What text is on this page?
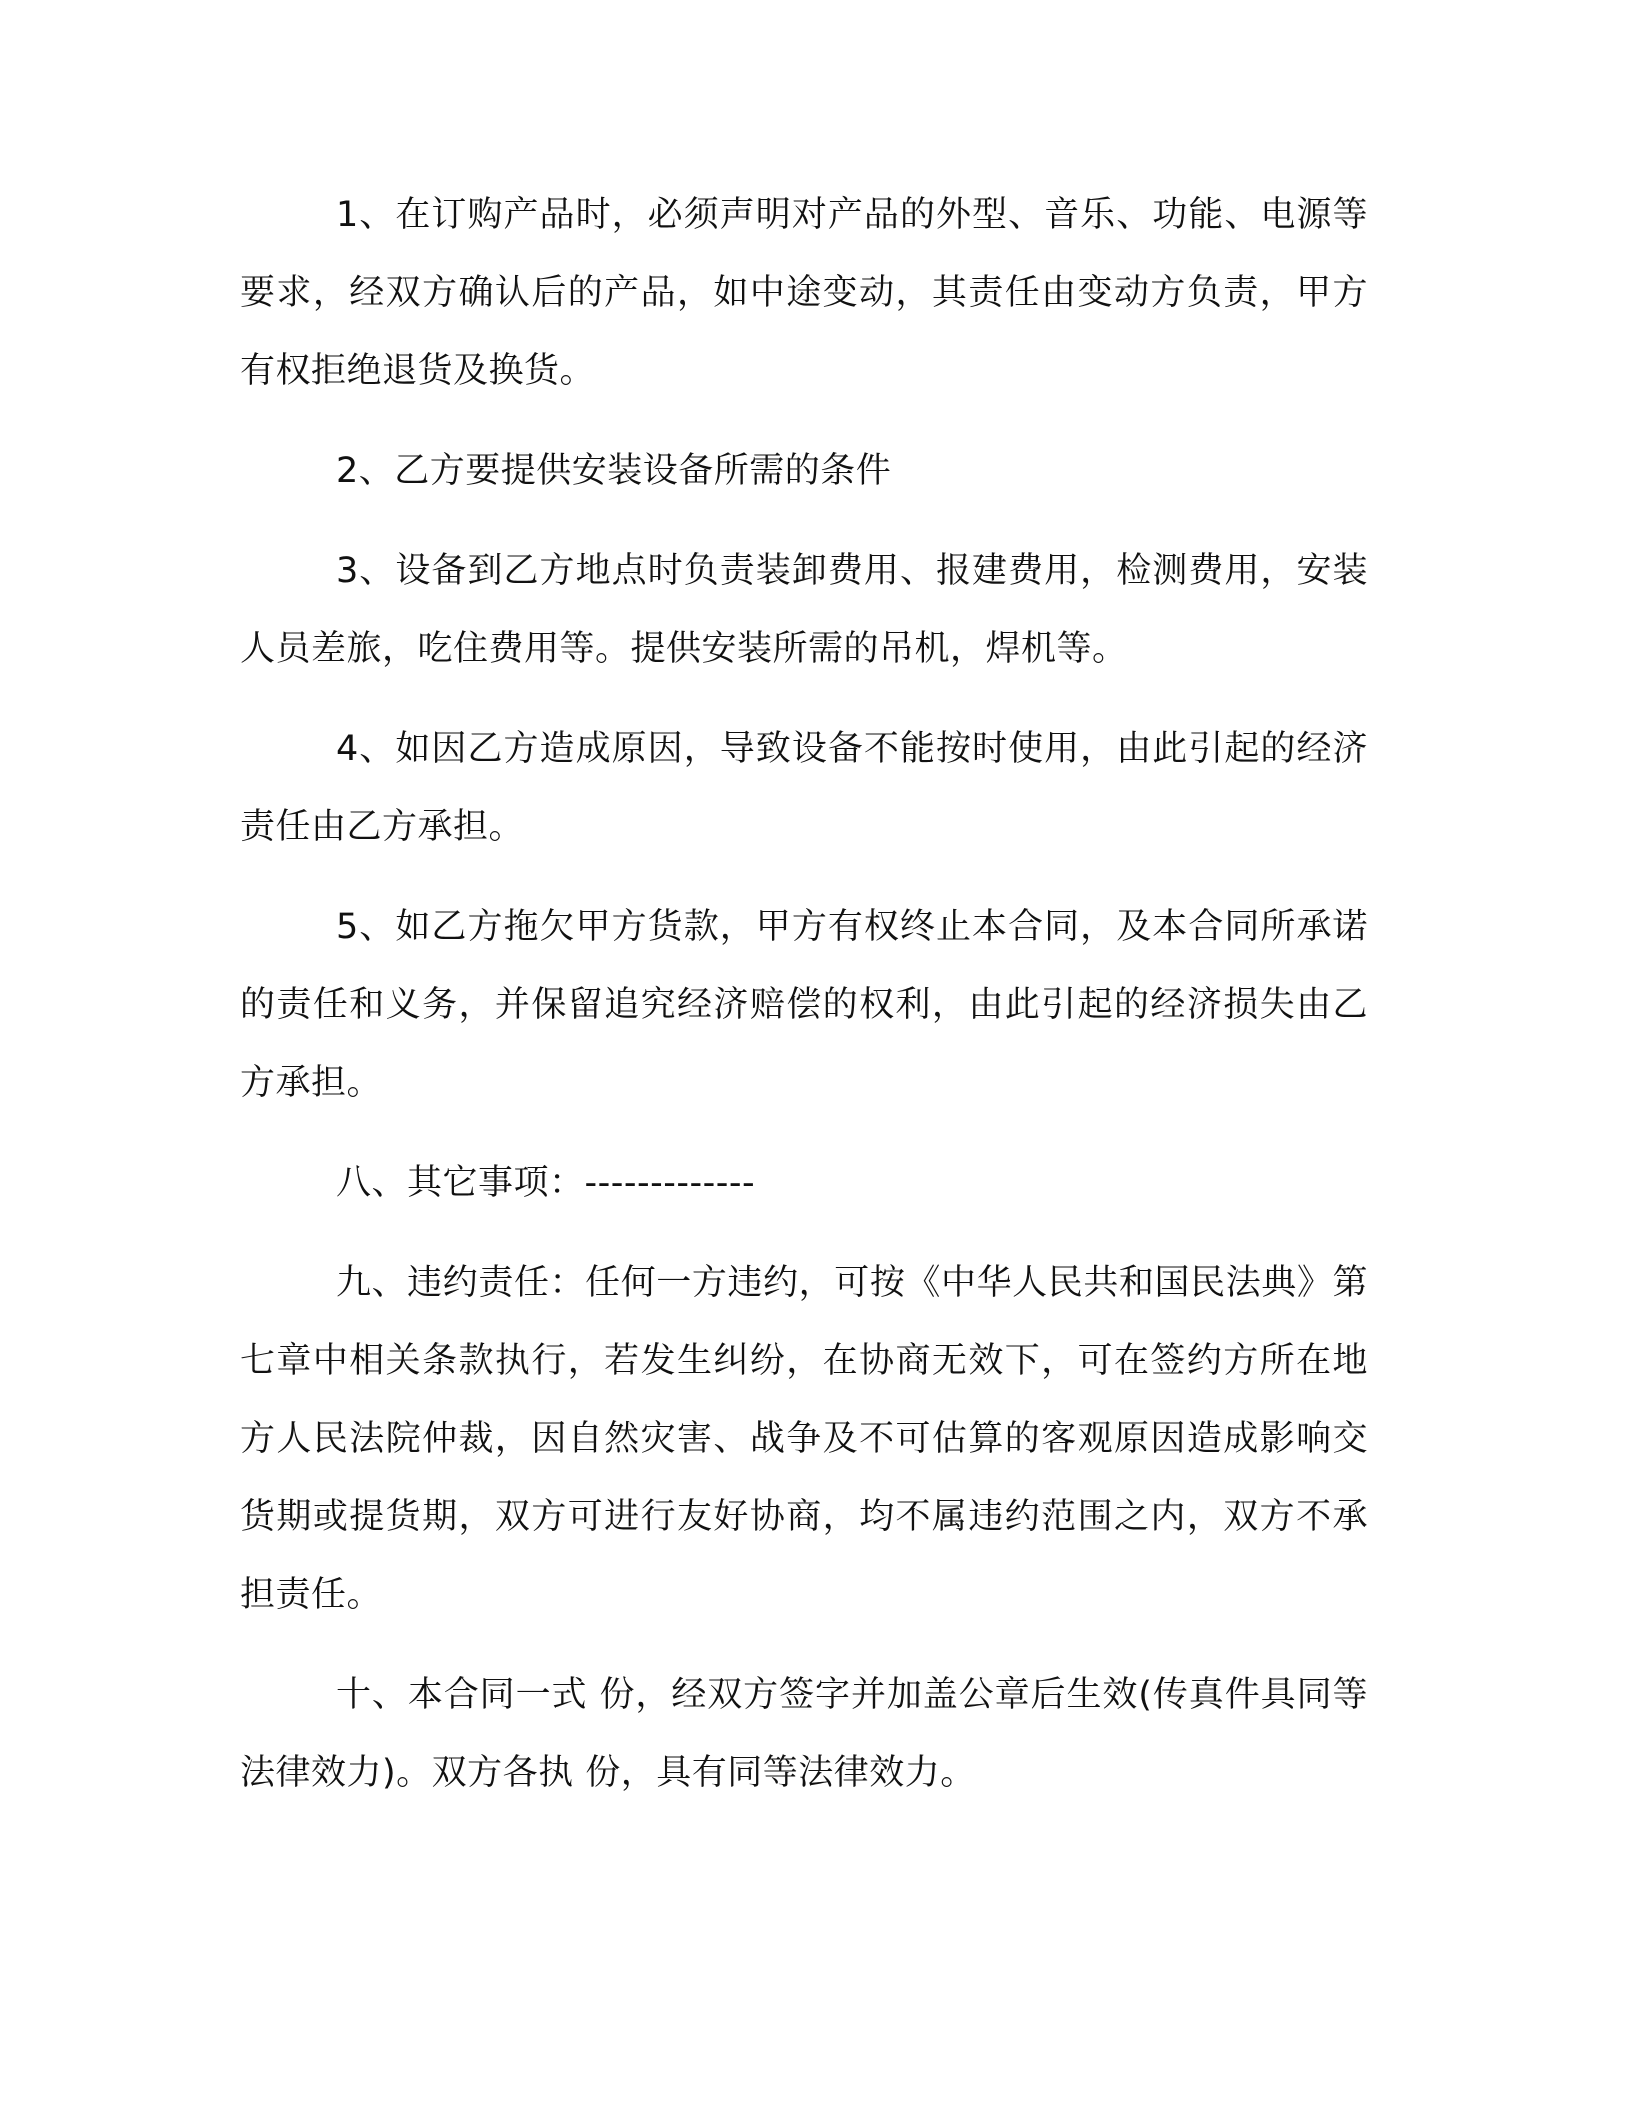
1、在订购产品时，必须声明对产品的外型、音乐、功能、电源等要求，经双方确认后的产品，如中途变动，其责任由变动方负责，甲方有权拒绝退货及换货。

2、乙方要提供安装设备所需的条件

3、设备到乙方地点时负责装卸费用、报建费用，检测费用，安装人员差旅，吃住费用等。提供安装所需的吊机，焊机等。

4、如因乙方造成原因，导致设备不能按时使用，由此引起的经济责任由乙方承担。

5、如乙方拖欠甲方货款，甲方有权终止本合同，及本合同所承诺的责任和义务，并保留追究经济赔偿的权利，由此引起的经济损失由乙方承担。

八、其它事项：-------------

九、违约责任：任何一方违约，可按《中华人民共和国民法典》第七章中相关条款执行，若发生纠纷，在协商无效下，可在签约方所在地方人民法院仲裁，因自然灾害、战争及不可估算的客观原因造成影响交货期或提货期，双方可进行友好协商，均不属违约范围之内，双方不承担责任。

十、本合同一式 份，经双方签字并加盖公章后生效(传真件具同等法律效力)。双方各执 份，具有同等法律效力。
